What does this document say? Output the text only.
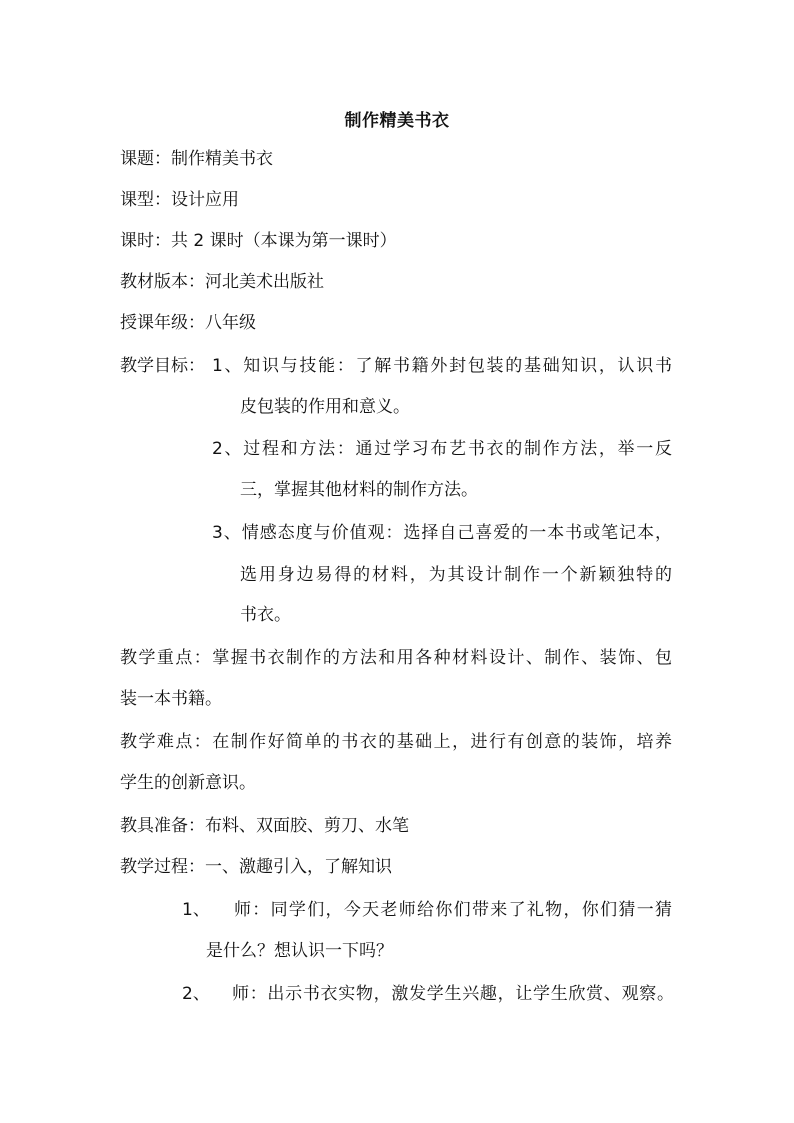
制作精美书衣
课题：制作精美书衣
课型：设计应用
课时：共 2 课时（本课为第一课时）
教材版本：河北美术出版社
授课年级：八年级
教学目标： 1、知识与技能：了解书籍外封包装的基础知识，认识书
皮包装的作用和意义。
2、过程和方法：通过学习布艺书衣的制作方法，举一反
三，掌握其他材料的制作方法。
3、情感态度与价值观：选择自己喜爱的一本书或笔记本，
选用身边易得的材料，为其设计制作一个新颖独特的
书衣。
教学重点：掌握书衣制作的方法和用各种材料设计、制作、装饰、包
装一本书籍。
教学难点：在制作好简单的书衣的基础上，进行有创意的装饰，培养
学生的创新意识。
教具准备：布料、双面胶、剪刀、水笔
教学过程：一、激趣引入，了解知识
1、 师：同学们，今天老师给你们带来了礼物，你们猜一猜
是什么？想认识一下吗？
2、 师：出示书衣实物，激发学生兴趣，让学生欣赏、观察。
